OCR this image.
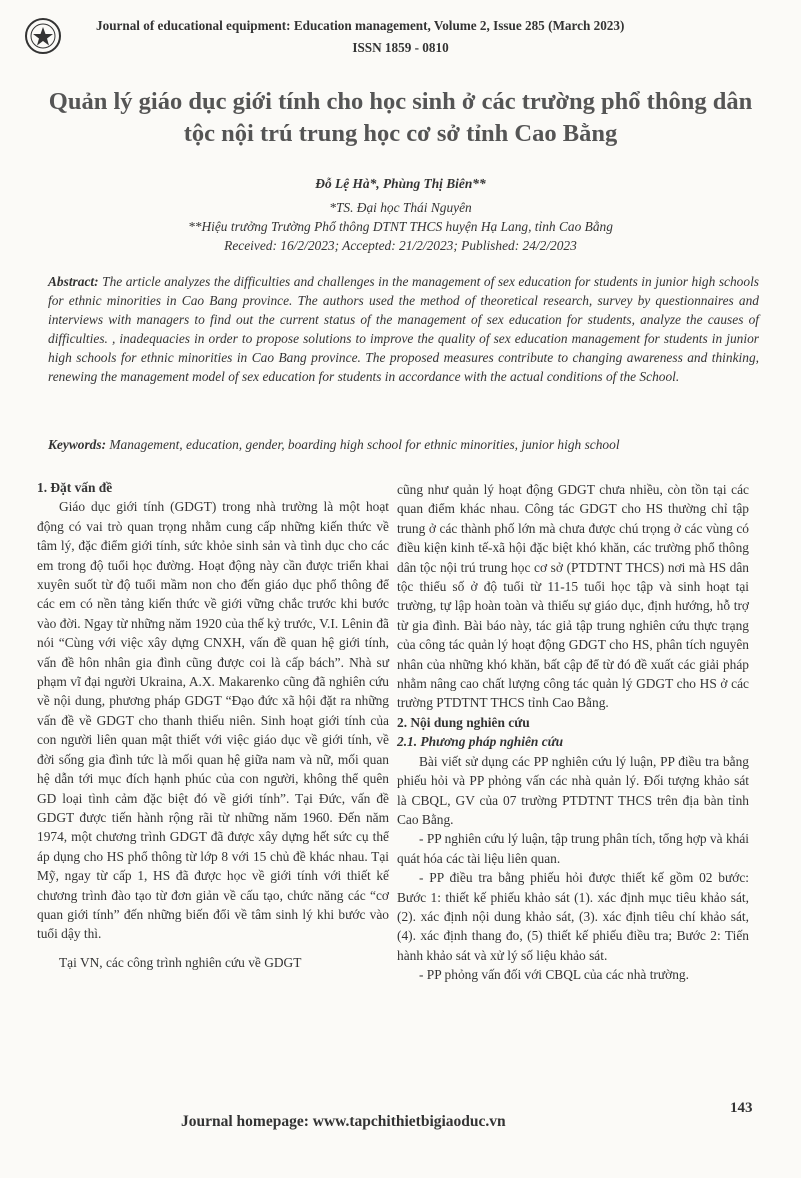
Journal of educational equipment: Education management, Volume 2, Issue 285 (March 2023)
ISSN 1859 - 0810
Quản lý giáo dục giới tính cho học sinh ở các trường phổ thông dân tộc nội trú trung học cơ sở tỉnh Cao Bằng
Đỗ Lệ Hà*, Phùng Thị Biên**
*TS. Đại học Thái Nguyên
**Hiệu trưởng Trường Phổ thông DTNT THCS huyện Hạ Lang, tỉnh Cao Bằng
Received: 16/2/2023; Accepted: 21/2/2023; Published: 24/2/2023
Abstract: The article analyzes the difficulties and challenges in the management of sex education for students in junior high schools for ethnic minorities in Cao Bang province. The authors used the method of theoretical research, survey by questionnaires and interviews with managers to find out the current status of the management of sex education for students, analyze the causes of difficulties. , inadequacies in order to propose solutions to improve the quality of sex education management for students in junior high schools for ethnic minorities in Cao Bang province. The proposed measures contribute to changing awareness and thinking, renewing the management model of sex education for students in accordance with the actual conditions of the School.
Keywords: Management, education, gender, boarding high school for ethnic minorities, junior high school
1. Đặt vấn đề

Giáo dục giới tính (GDGT) trong nhà trường là một hoạt động có vai trò quan trọng nhằm cung cấp những kiến thức về tâm lý, đặc điểm giới tính, sức khỏe sinh sản và tình dục cho các em trong độ tuổi học đường. Hoạt động này cần được triển khai xuyên suốt từ độ tuổi mầm non cho đến giáo dục phổ thông để các em có nền tảng kiến thức về giới vững chắc trước khi bước vào đời. Ngay từ những năm 1920 của thế kỷ trước, V.I. Lênin đã nói “Cùng với việc xây dựng CNXH, vấn đề quan hệ giới tính, vấn đề hôn nhân gia đình cũng được coi là cấp bách”. Nhà sư phạm vĩ đại người Ukraina, A.X. Makarenko cũng đã nghiên cứu về nội dung, phương pháp GDGT “Đạo đức xã hội đặt ra những vấn đề về GDGT cho thanh thiếu niên. Sinh hoạt giới tính của con người liên quan mật thiết với việc giáo dục về giới tính, về đời sống gia đình tức là mối quan hệ giữa nam và nữ, mối quan hệ dẫn tới mục đích hạnh phúc của con người, không thể quên GD loại tình cảm đặc biệt đó về giới tính”. Tại Đức, vấn đề GDGT được tiến hành rộng rãi từ những năm 1960. Đến năm 1974, một chương trình GDGT đã được xây dựng hết sức cụ thể áp dụng cho HS phổ thông từ lớp 8 với 15 chủ đề khác nhau. Tại Mỹ, ngay từ cấp 1, HS đã được học về giới tính với thiết kế chương trình đào tạo từ đơn giản về cấu tạo, chức năng các “cơ quan giới tính” đến những biến đổi về tâm sinh lý khi bước vào tuổi dậy thì.

Tại VN, các công trình nghiên cứu về GDGT

cũng như quản lý hoạt động GDGT chưa nhiều, còn tồn tại các quan điểm khác nhau. Công tác GDGT cho HS thường chỉ tập trung ở các thành phố lớn mà chưa được chú trọng ở các vùng có điều kiện kinh tế-xã hội đặc biệt khó khăn, các trường phổ thông dân tộc nội trú trung học cơ sở (PTDTNT THCS) nơi mà HS dân tộc thiểu số ở độ tuổi từ 11-15 tuổi học tập và sinh hoạt tại trường, tự lập hoàn toàn và thiếu sự giáo dục, định hướng, hỗ trợ từ gia đình. Bài báo này, tác giả tập trung nghiên cứu thực trạng của công tác quản lý hoạt động GDGT cho HS, phân tích nguyên nhân của những khó khăn, bất cập để từ đó đề xuất các giải pháp nhằm nâng cao chất lượng công tác quản lý GDGT cho HS ở các trường PTDTNT THCS tỉnh Cao Bằng.

2. Nội dung nghiên cứu
2.1. Phương pháp nghiên cứu

Bài viết sử dụng các PP nghiên cứu lý luận, PP điều tra bằng phiếu hỏi và PP phỏng vấn các nhà quản lý. Đối tượng khảo sát là CBQL, GV của 07 trường PTDTNT THCS trên địa bàn tỉnh Cao Bằng.

- PP nghiên cứu lý luận, tập trung phân tích, tổng hợp và khái quát hóa các tài liệu liên quan.

- PP điều tra bằng phiếu hỏi được thiết kế gồm 02 bước: Bước 1: thiết kế phiếu khảo sát (1). xác định mục tiêu khảo sát, (2). xác định nội dung khảo sát, (3). xác định tiêu chí khảo sát, (4). xác định thang đo, (5) thiết kế phiếu điều tra; Bước 2: Tiến hành khảo sát và xử lý số liệu khảo sát.

- PP phỏng vấn đối với CBQL của các nhà trường.

Journal homepage: www.tapchithietbigiaoduc.vn
143
